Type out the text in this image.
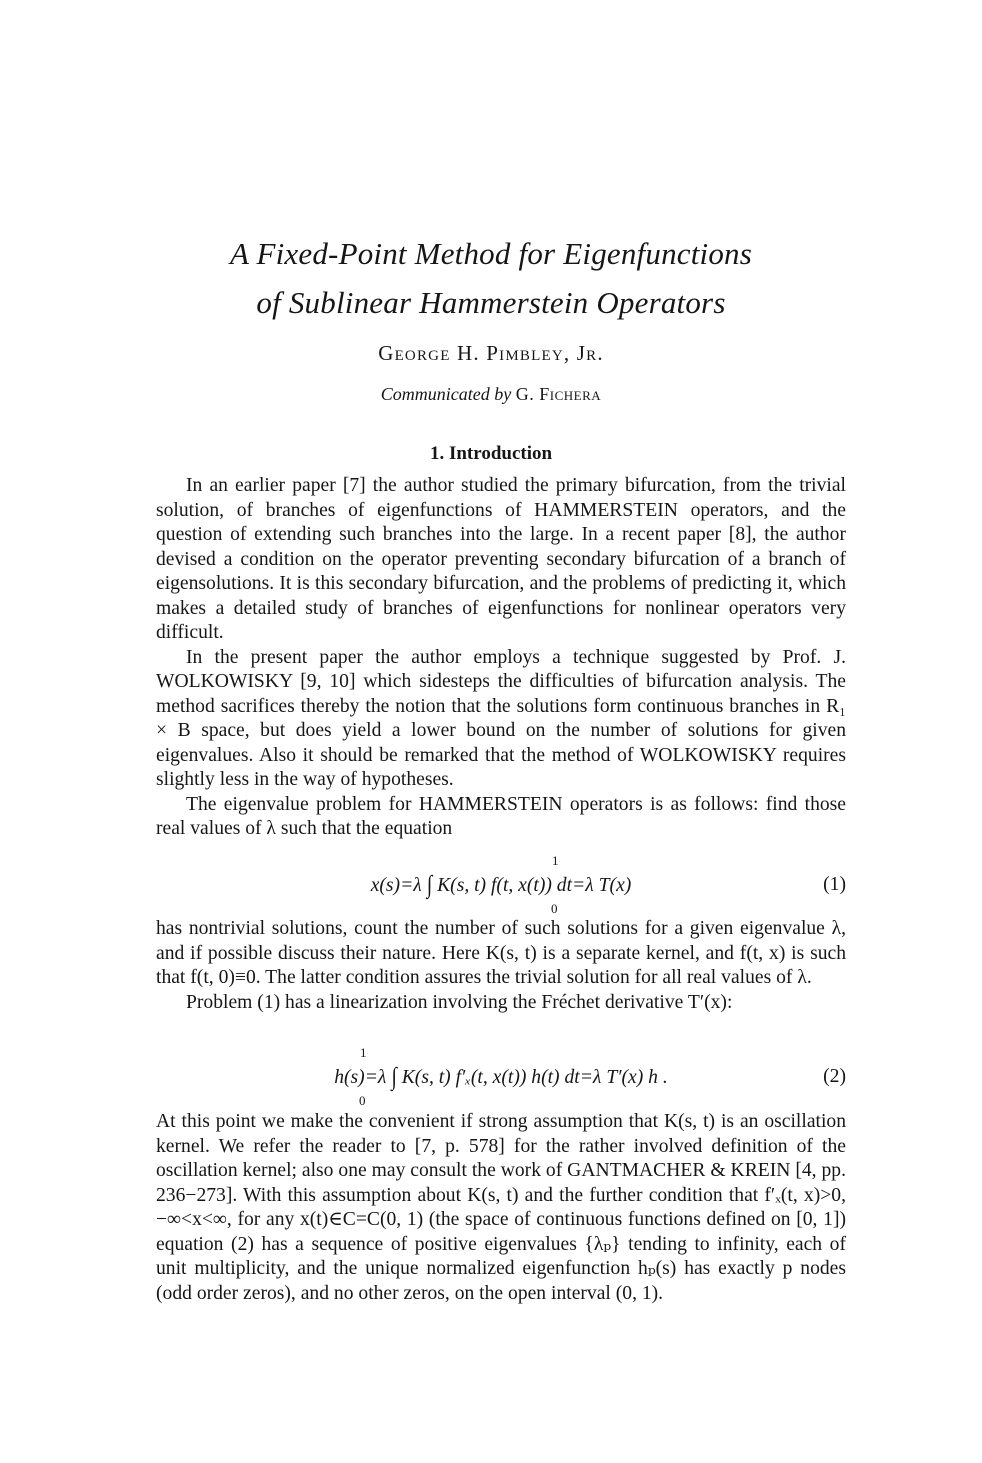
A Fixed-Point Method for Eigenfunctions
of Sublinear Hammerstein Operators
George H. Pimbley, Jr.
Communicated by G. Fichera
1. Introduction

In an earlier paper [7] the author studied the primary bifurcation, from the trivial solution, of branches of eigenfunctions of HAMMERSTEIN operators, and the question of extending such branches into the large. In a recent paper [8], the author devised a condition on the operator preventing secondary bifurcation of a branch of eigensolutions. It is this secondary bifurcation, and the problems of predicting it, which makes a detailed study of branches of eigenfunctions for nonlinear operators very difficult.

In the present paper the author employs a technique suggested by Prof. J. WOLKOWISKY [9, 10] which sidesteps the difficulties of bifurcation analysis. The method sacrifices thereby the notion that the solutions form continuous branches in R₁ × B space, but does yield a lower bound on the number of solutions for given eigenvalues. Also it should be remarked that the method of WOLKOWISKY requires slightly less in the way of hypotheses.

The eigenvalue problem for HAMMERSTEIN operators is as follows: find those real values of λ such that the equation

x(s)=λ ∫ K(s, t) f(t, x(t)) dt=λ T(x)
1
0
(1)

has nontrivial solutions, count the number of such solutions for a given eigenvalue λ, and if possible discuss their nature. Here K(s, t) is a separate kernel, and f(t, x) is such that f(t, 0)≡0. The latter condition assures the trivial solution for all real values of λ.

Problem (1) has a linearization involving the Fréchet derivative T′(x):

h(s)=λ ∫ K(s, t) f′ₓ(t, x(t)) h(t) dt=λ T′(x) h .
1
0
(2)

At this point we make the convenient if strong assumption that K(s, t) is an oscillation kernel. We refer the reader to [7, p. 578] for the rather involved definition of the oscillation kernel; also one may consult the work of GANTMACHER & KREIN [4, pp. 236−273]. With this assumption about K(s, t) and the further condition that f′ₓ(t, x)>0, −∞<x<∞, for any x(t)∈C=C(0, 1) (the space of continuous functions defined on [0, 1]) equation (2) has a sequence of positive eigenvalues {λₚ} tending to infinity, each of unit multiplicity, and the unique normalized eigenfunction hₚ(s) has exactly p nodes (odd order zeros), and no other zeros, on the open interval (0, 1).
